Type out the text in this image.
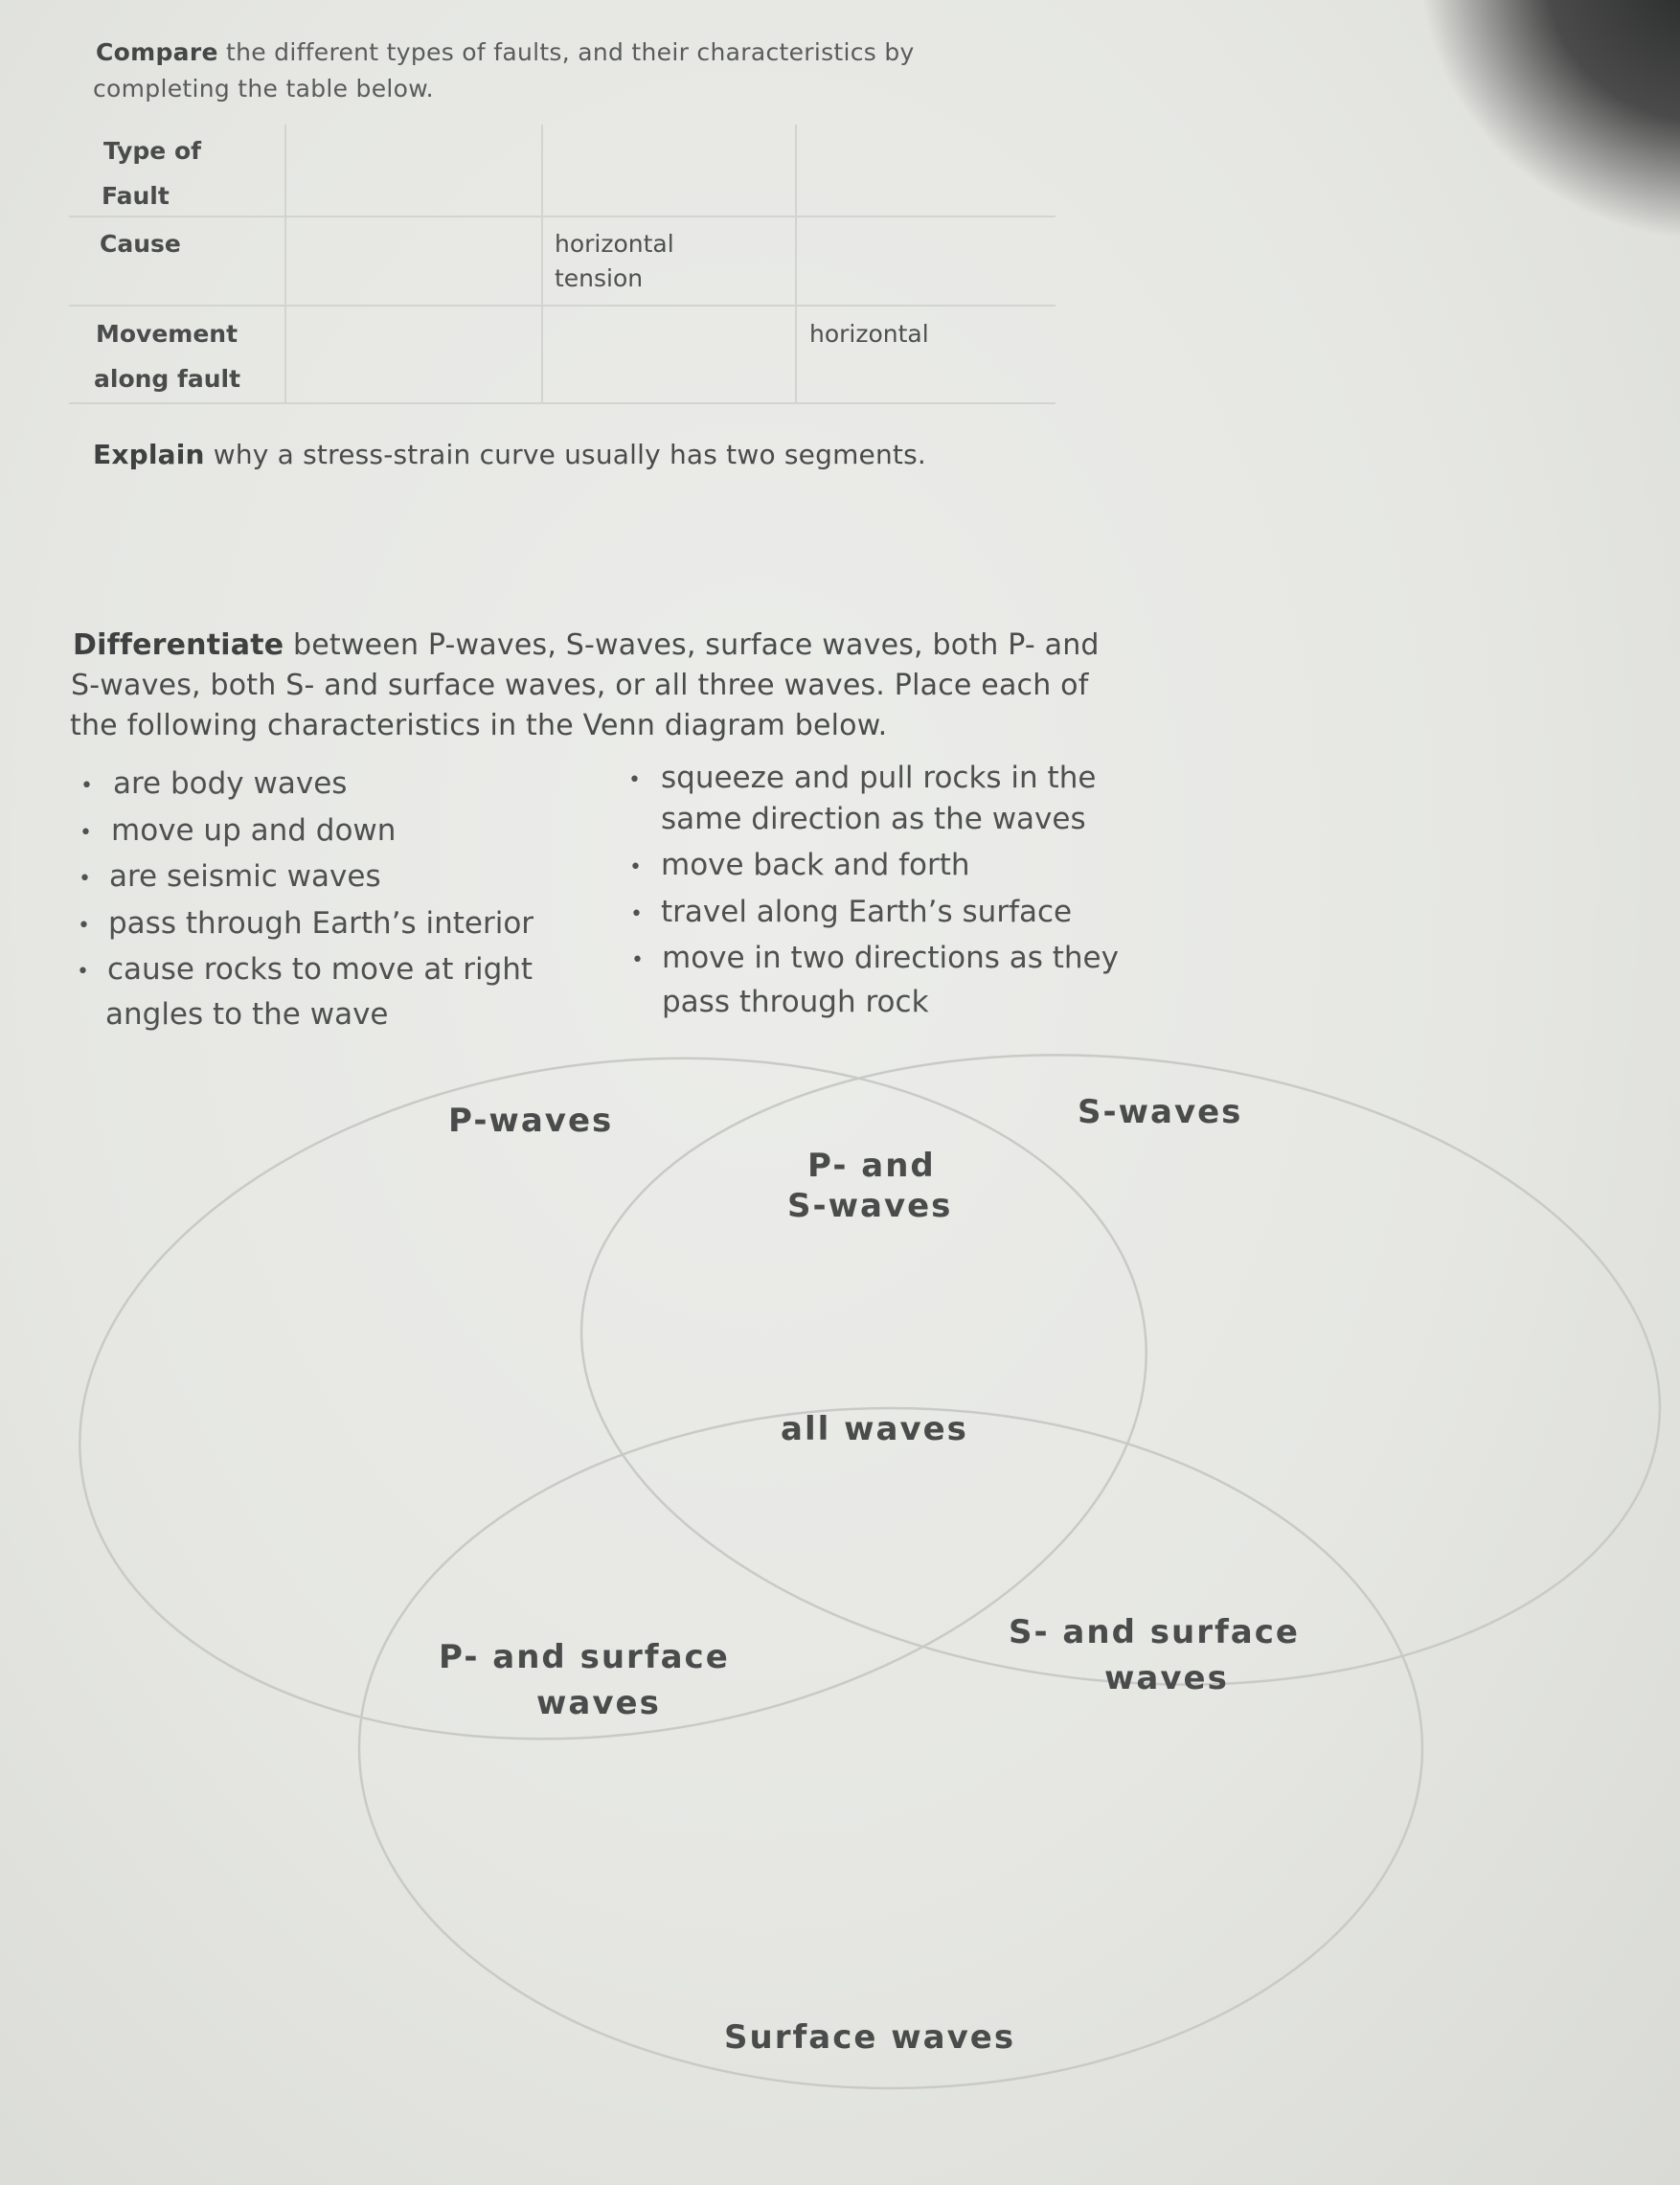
Compare the different types of faults, and their characteristics by
completing the table below.
Type of
Fault
Cause
Movement
along fault
horizontal
tension
horizontal
Explain why a stress-strain curve usually has two segments.
Differentiate between P-waves, S-waves, surface waves, both P- and
S-waves, both S- and surface waves, or all three waves. Place each of
the following characteristics in the Venn diagram below.
• are body waves
• move up and down
• are seismic waves
• pass through Earth’s interior
• cause rocks to move at right
angles to the wave
• squeeze and pull rocks in the
same direction as the waves
• move back and forth
• travel along Earth’s surface
• move in two directions as they
pass through rock
P-waves	S-waves
P- and
S-waves
all waves
P- and surface
waves
S- and surface
waves
Surface waves
